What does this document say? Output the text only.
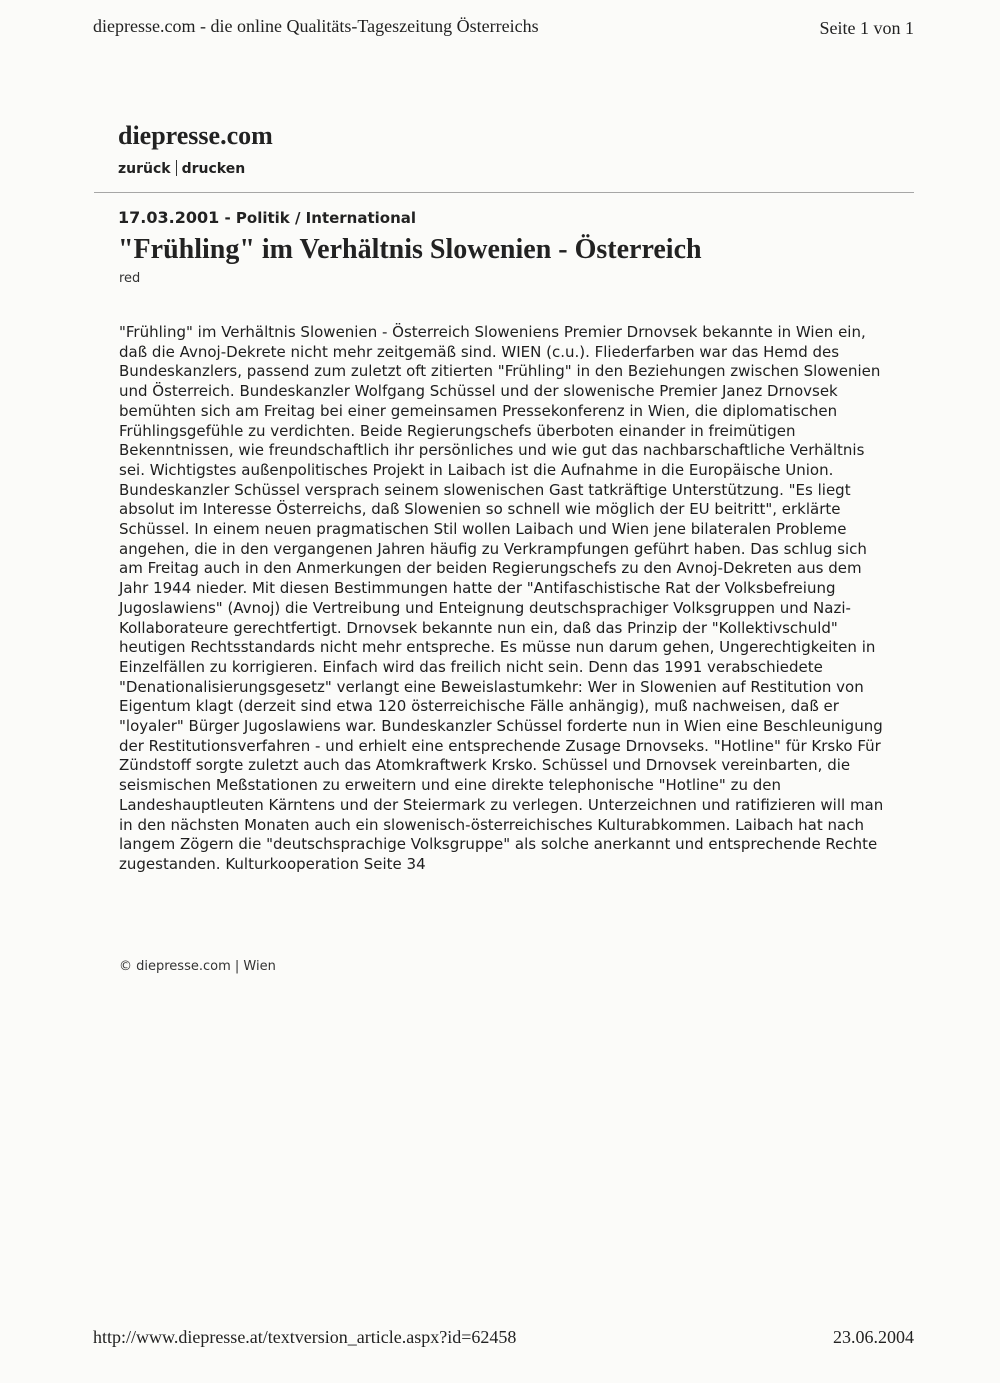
diepresse.com - die online Qualitäts-Tageszeitung Österreichs	Seite 1 von 1
diepresse.com
zurück drucken
17.03.2001 - Politik / International
"Frühling" im Verhältnis Slowenien - Österreich
red

"Frühling" im Verhältnis Slowenien - Österreich Sloweniens Premier Drnovsek bekannte in Wien ein, daß die Avnoj-Dekrete nicht mehr zeitgemäß sind. WIEN (c.u.). Fliederfarben war das Hemd des Bundeskanzlers, passend zum zuletzt oft zitierten "Frühling" in den Beziehungen zwischen Slowenien und Österreich. Bundeskanzler Wolfgang Schüssel und der slowenische Premier Janez Drnovsek bemühten sich am Freitag bei einer gemeinsamen Pressekonferenz in Wien, die diplomatischen Frühlingsgefühle zu verdichten. Beide Regierungschefs überboten einander in freimütigen Bekenntnissen, wie freundschaftlich ihr persönliches und wie gut das nachbarschaftliche Verhältnis sei. Wichtigstes außenpolitisches Projekt in Laibach ist die Aufnahme in die Europäische Union. Bundeskanzler Schüssel versprach seinem slowenischen Gast tatkräftige Unterstützung. "Es liegt absolut im Interesse Österreichs, daß Slowenien so schnell wie möglich der EU beitritt", erklärte Schüssel. In einem neuen pragmatischen Stil wollen Laibach und Wien jene bilateralen Probleme angehen, die in den vergangenen Jahren häufig zu Verkrampfungen geführt haben. Das schlug sich am Freitag auch in den Anmerkungen der beiden Regierungschefs zu den Avnoj-Dekreten aus dem Jahr 1944 nieder. Mit diesen Bestimmungen hatte der "Antifaschistische Rat der Volksbefreiung Jugoslawiens" (Avnoj) die Vertreibung und Enteignung deutschsprachiger Volksgruppen und Nazi-Kollaborateure gerechtfertigt. Drnovsek bekannte nun ein, daß das Prinzip der "Kollektivschuld" heutigen Rechtsstandards nicht mehr entspreche. Es müsse nun darum gehen, Ungerechtigkeiten in Einzelfällen zu korrigieren. Einfach wird das freilich nicht sein. Denn das 1991 verabschiedete "Denationalisierungsgesetz" verlangt eine Beweislastumkehr: Wer in Slowenien auf Restitution von Eigentum klagt (derzeit sind etwa 120 österreichische Fälle anhängig), muß nachweisen, daß er "loyaler" Bürger Jugoslawiens war. Bundeskanzler Schüssel forderte nun in Wien eine Beschleunigung der Restitutionsverfahren - und erhielt eine entsprechende Zusage Drnovseks. "Hotline" für Krsko Für Zündstoff sorgte zuletzt auch das Atomkraftwerk Krsko. Schüssel und Drnovsek vereinbarten, die seismischen Meßstationen zu erweitern und eine direkte telephonische "Hotline" zu den Landeshauptleuten Kärntens und der Steiermark zu verlegen. Unterzeichnen und ratifizieren will man in den nächsten Monaten auch ein slowenisch-österreichisches Kulturabkommen. Laibach hat nach langem Zögern die "deutschsprachige Volksgruppe" als solche anerkannt und entsprechende Rechte zugestanden. Kulturkooperation Seite 34

© diepresse.com | Wien
http://www.diepresse.at/textversion_article.aspx?id=62458	23.06.2004
